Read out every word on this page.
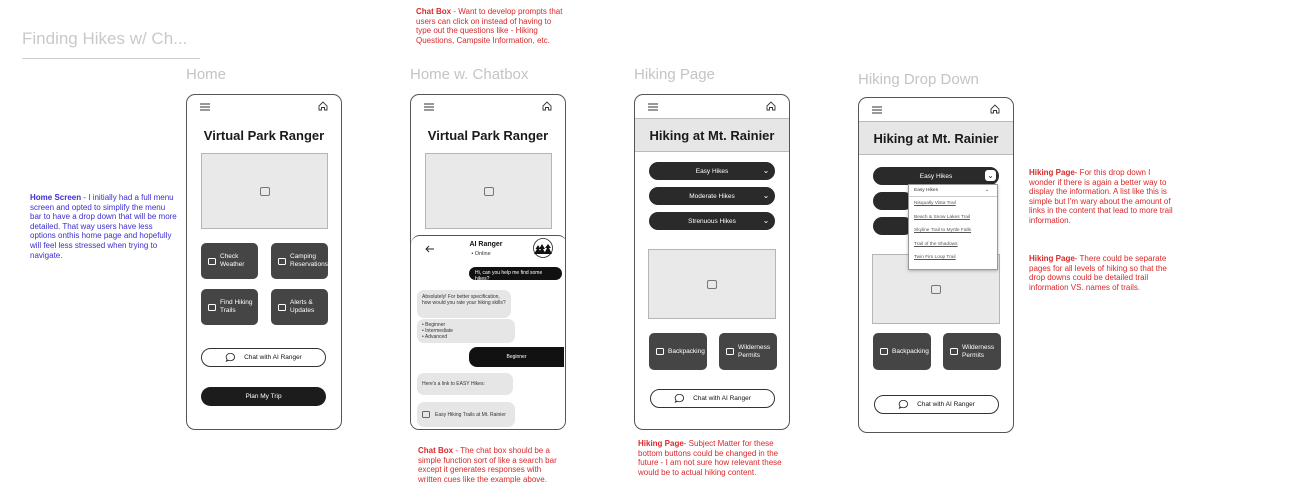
Finding Hikes w/ Ch...
Home	Home w. Chatbox	Hiking Page	Hiking Drop Down
Virtual Park Ranger
Check Weather
Camping Reservations
Find Hiking Trails
Alerts & Updates
Chat with AI Ranger
Plan My Trip
Virtual Park Ranger
AI Ranger
• Online
Hi, can you help me find some hikes?
Absolutely! For better specification, how would you rate your hiking skills?
• Beginner
• Intermediate
• Advanced
Beginner
Here's a link to EASY Hikes:
Easy Hiking Trails at Mt. Rainier
Hiking at Mt. Rainier
Easy Hikes	⌄
Moderate Hikes	⌄
Strenuous Hikes	⌄
Backpacking
Wilderness Permits
Chat with AI Ranger
Hiking at Mt. Rainier
Easy Hikes	⌄
Easy Hikes	⌄
Nisqually Vista Trail
Beach & Snow Lakes Trail
Skyline Trail to Myrtle Falls
Trail of the Shadows
Twin Firs Loop Trail
Backpacking
Wilderness Permits
Chat with AI Ranger
Home Screen - I initially had a full menu screen and opted to simplify the menu bar to have a drop down that will be more detailed. That way users have less options onthis home page and hopefully will feel less stressed when trying to navigate.
Chat Box - Want to develop prompts that users can click on instead of having to type out the questions like - Hiking Questions, Campsite Information, etc.
Chat Box - The chat box should be a simple function sort of like a search bar except it generates responses with written cues like the example above.
Hiking Page- Subject Matter for these bottom buttons could be changed in the future - I am not sure how relevant these would be to actual hiking content.
Hiking Page- For this drop down I wonder if there is again a better way to display the information. A list like this is simple but I'm wary about the amount of links in the content that lead to more trail information.
Hiking Page- There could be separate pages for all levels of hiking so that the drop downs could be detailed trail information VS. names of trails.
